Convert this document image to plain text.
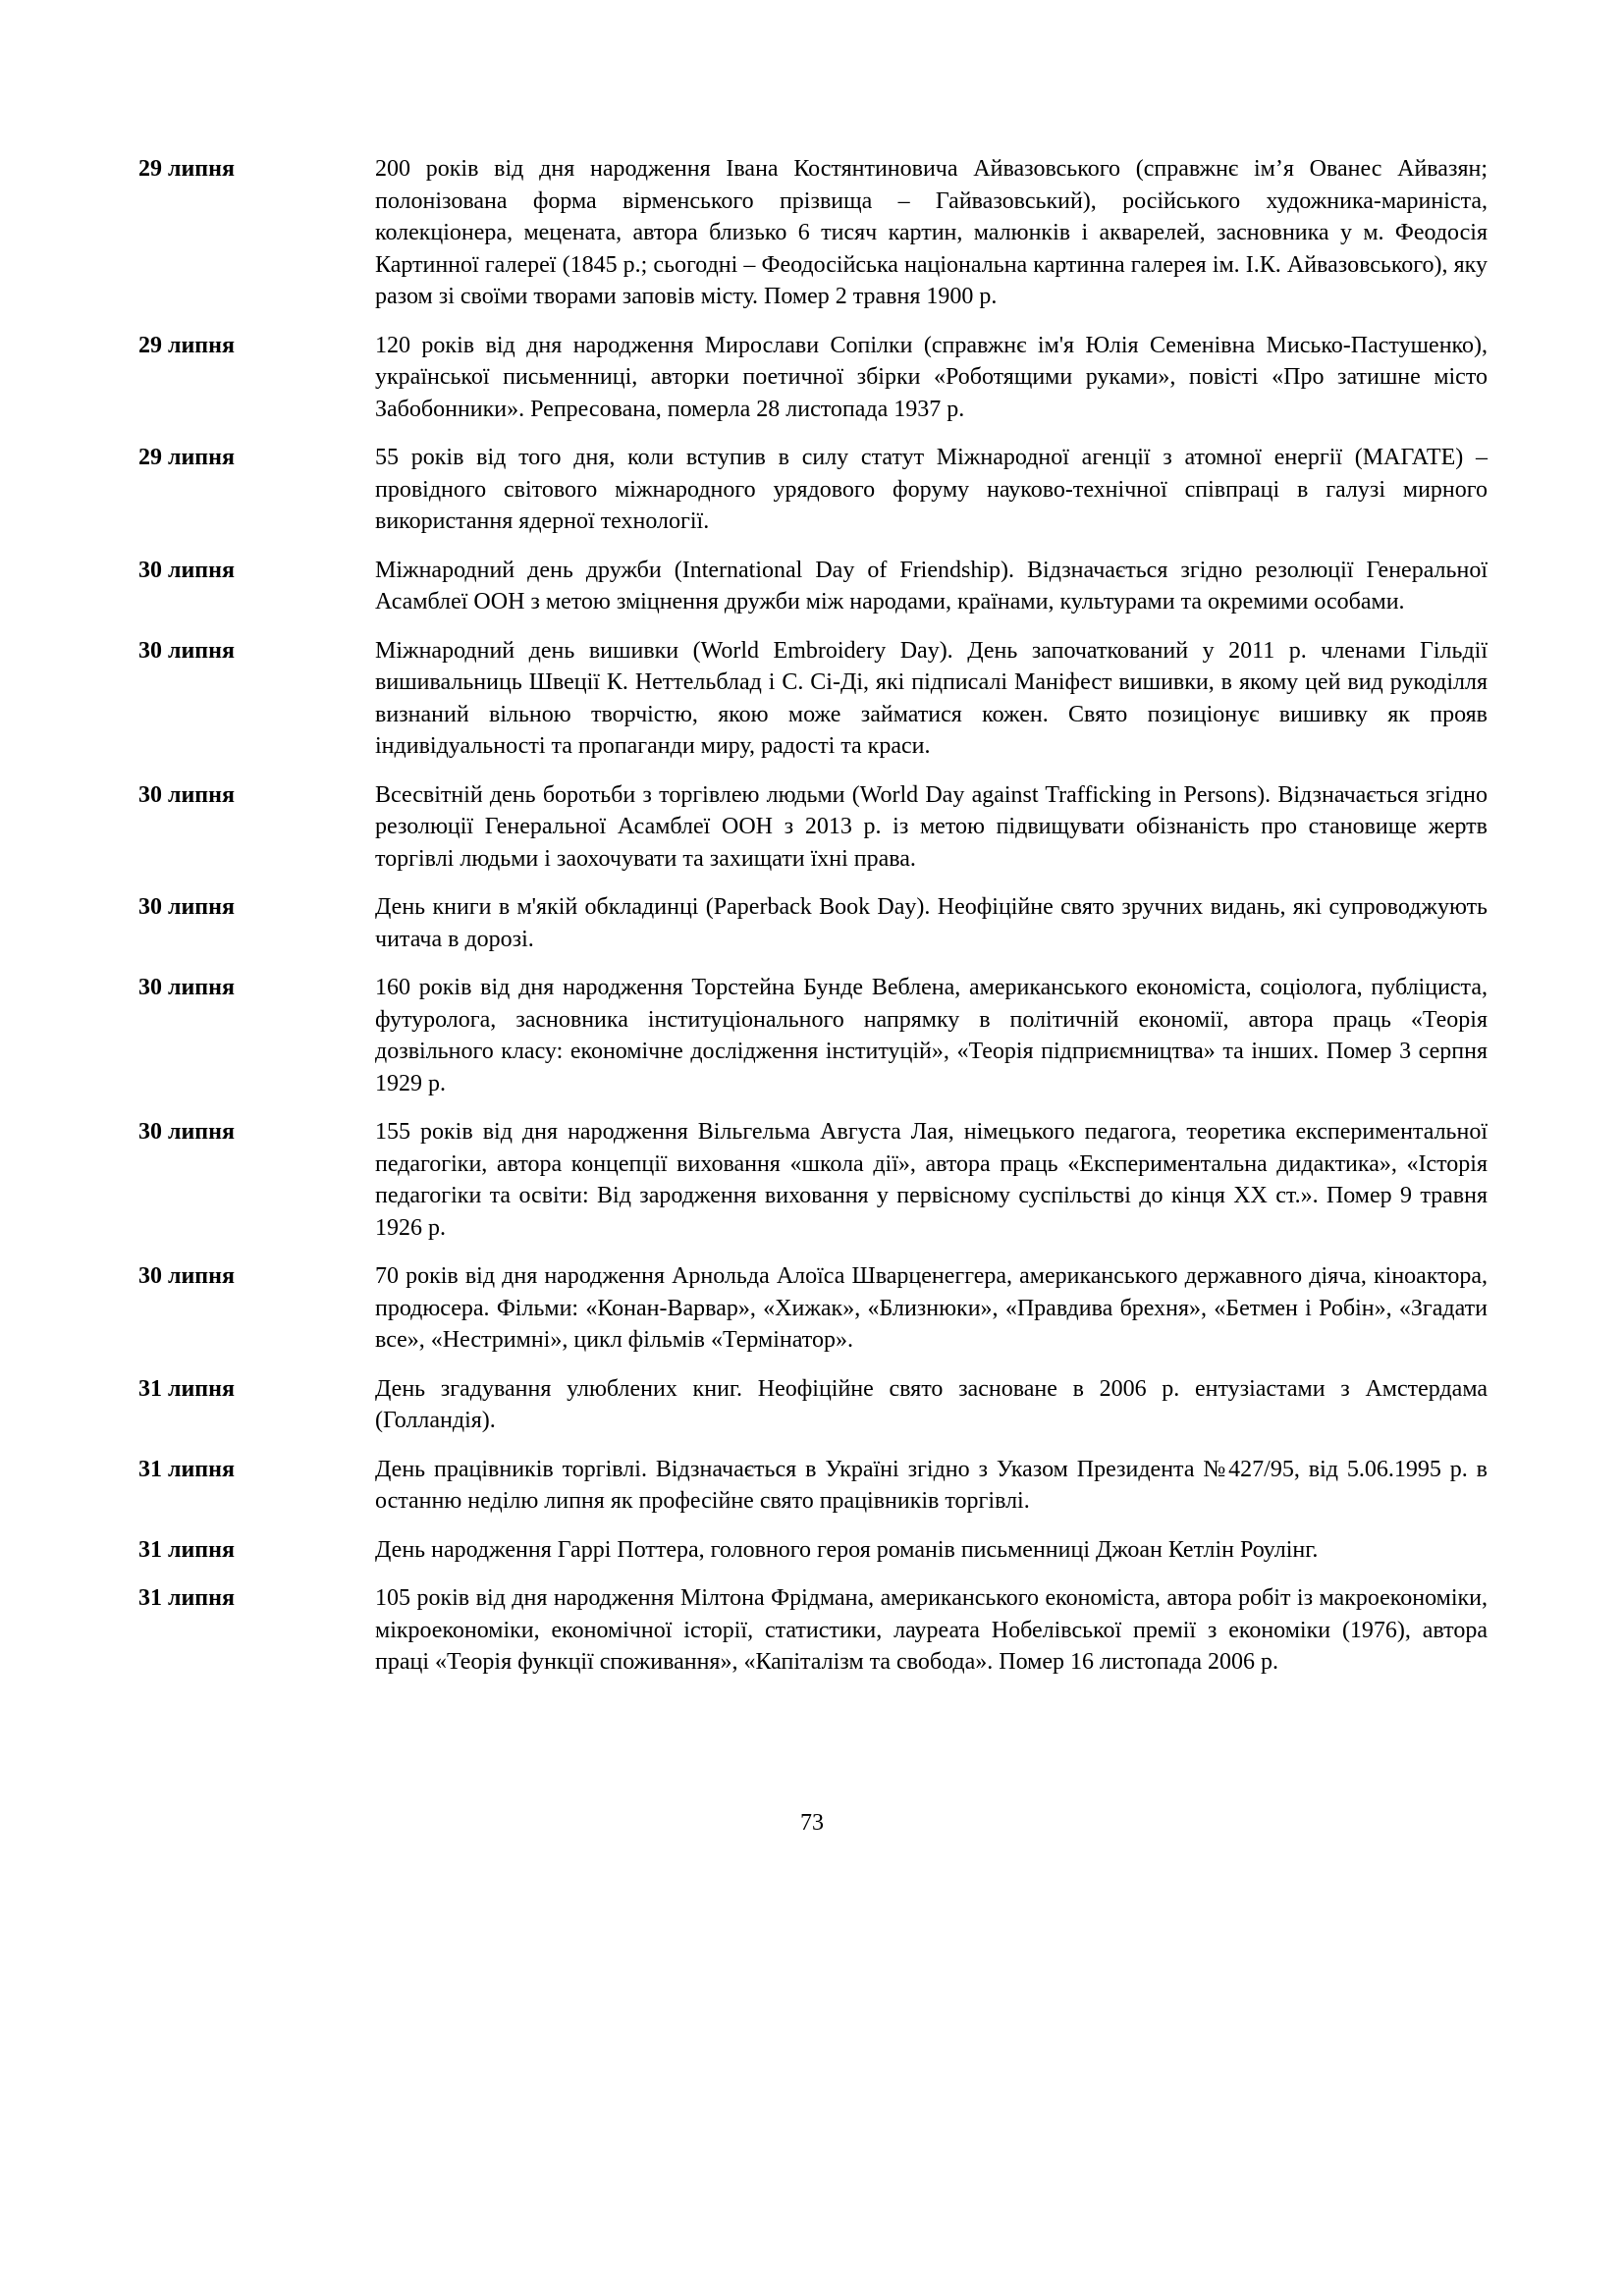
29 липня	200 років від дня народження Івана Костянтиновича Айвазовського (справжнє ім’я Ованес Айвазян; полонізована форма вірменського прізвища – Гайвазовський), російського художника-мариніста, колекціонера, мецената, автора близько 6 тисяч картин, малюнків і акварелей, засновника у м. Феодосія Картинної галереї (1845 р.; сьогодні – Феодосійська національна картинна галерея ім. І.К. Айвазовського), яку разом зі своїми творами заповів місту. Помер 2 травня 1900 р.

29 липня	120 років від дня народження Мирослави Сопілки (справжнє ім'я Юлія Семенівна Мисько-Пастушенко), української письменниці, авторки поетичної збірки «Роботящими руками», повісті «Про затишне місто Забобонники». Репресована, померла 28 листопада 1937 р.

29 липня	55 років від того дня, коли вступив в силу статут Міжнародної агенції з атомної енергії (МАГАТЕ) – провідного світового міжнародного урядового форуму науково-технічної співпраці в галузі мирного використання ядерної технології.

30 липня	Міжнародний день дружби (International Day of Friendship). Відзначається згідно резолюції Генеральної Асамблеї ООН з метою зміцнення дружби між народами, країнами, культурами та окремими особами.

30 липня	Міжнародний день вишивки (World Embroidery Day). День започаткований у 2011 р. членами Гільдії вишивальниць Швеції К. Неттельблад і С. Сі-Ді, які підписалі Маніфест вишивки, в якому цей вид рукоділля визнаний вільною творчістю, якою може займатися кожен. Свято позиціонує вишивку як прояв індивідуальності та пропаганди миру, радості та краси.

30 липня	Всесвітній день боротьби з торгівлею людьми (World Day against Trafficking in Persons). Відзначається згідно резолюції Генеральної Асамблеї ООН з 2013 р. із метою підвищувати обізнаність про становище жертв торгівлі людьми і заохочувати та захищати їхні права.

30 липня	День книги в м'якій обкладинці (Paperback Book Day). Неофіційне свято зручних видань, які супроводжують читача в дорозі.

30 липня	160 років від дня народження Торстейна Бунде Веблена, американського економіста, соціолога, публіциста, футуролога, засновника інституціонального напрямку в політичній економії, автора праць «Теорія дозвільного класу: економічне дослідження інституцій», «Теорія підприємництва» та інших. Помер 3 серпня 1929 р.

30 липня	155 років від дня народження Вільгельма Августа Лая, німецького педагога, теоретика експериментальної педагогіки, автора концепції виховання «школа дії», автора праць «Експериментальна дидактика», «Історія педагогіки та освіти: Від зародження виховання у первісному суспільстві до кінця ХХ ст.». Помер 9 травня 1926 р.

30 липня	70 років від дня народження Арнольда Алоїса Шварценеггера, американського державного діяча, кіноактора, продюсера. Фільми: «Конан-Варвар», «Хижак», «Близнюки», «Правдива брехня», «Бетмен і Робін», «Згадати все», «Нестримні», цикл фільмів «Термінатор».

31 липня	День згадування улюблених книг. Неофіційне свято засноване в 2006 р. ентузіастами з Амстердама (Голландія).

31 липня	День працівників торгівлі. Відзначається в Україні згідно з Указом Президента №427/95, від 5.06.1995 р. в останню неділю липня як професійне свято працівників торгівлі.

31 липня	День народження Гаррі Поттера, головного героя романів письменниці Джоан Кетлін Роулінг.

31 липня	105 років від дня народження Мілтона Фрідмана, американського економіста, автора робіт із макроекономіки, мікроекономіки, економічної історії, статистики, лауреата Нобелівської премії з економіки (1976), автора праці «Теорія функції споживання», «Капіталізм та свобода». Помер 16 листопада 2006 р.

73
